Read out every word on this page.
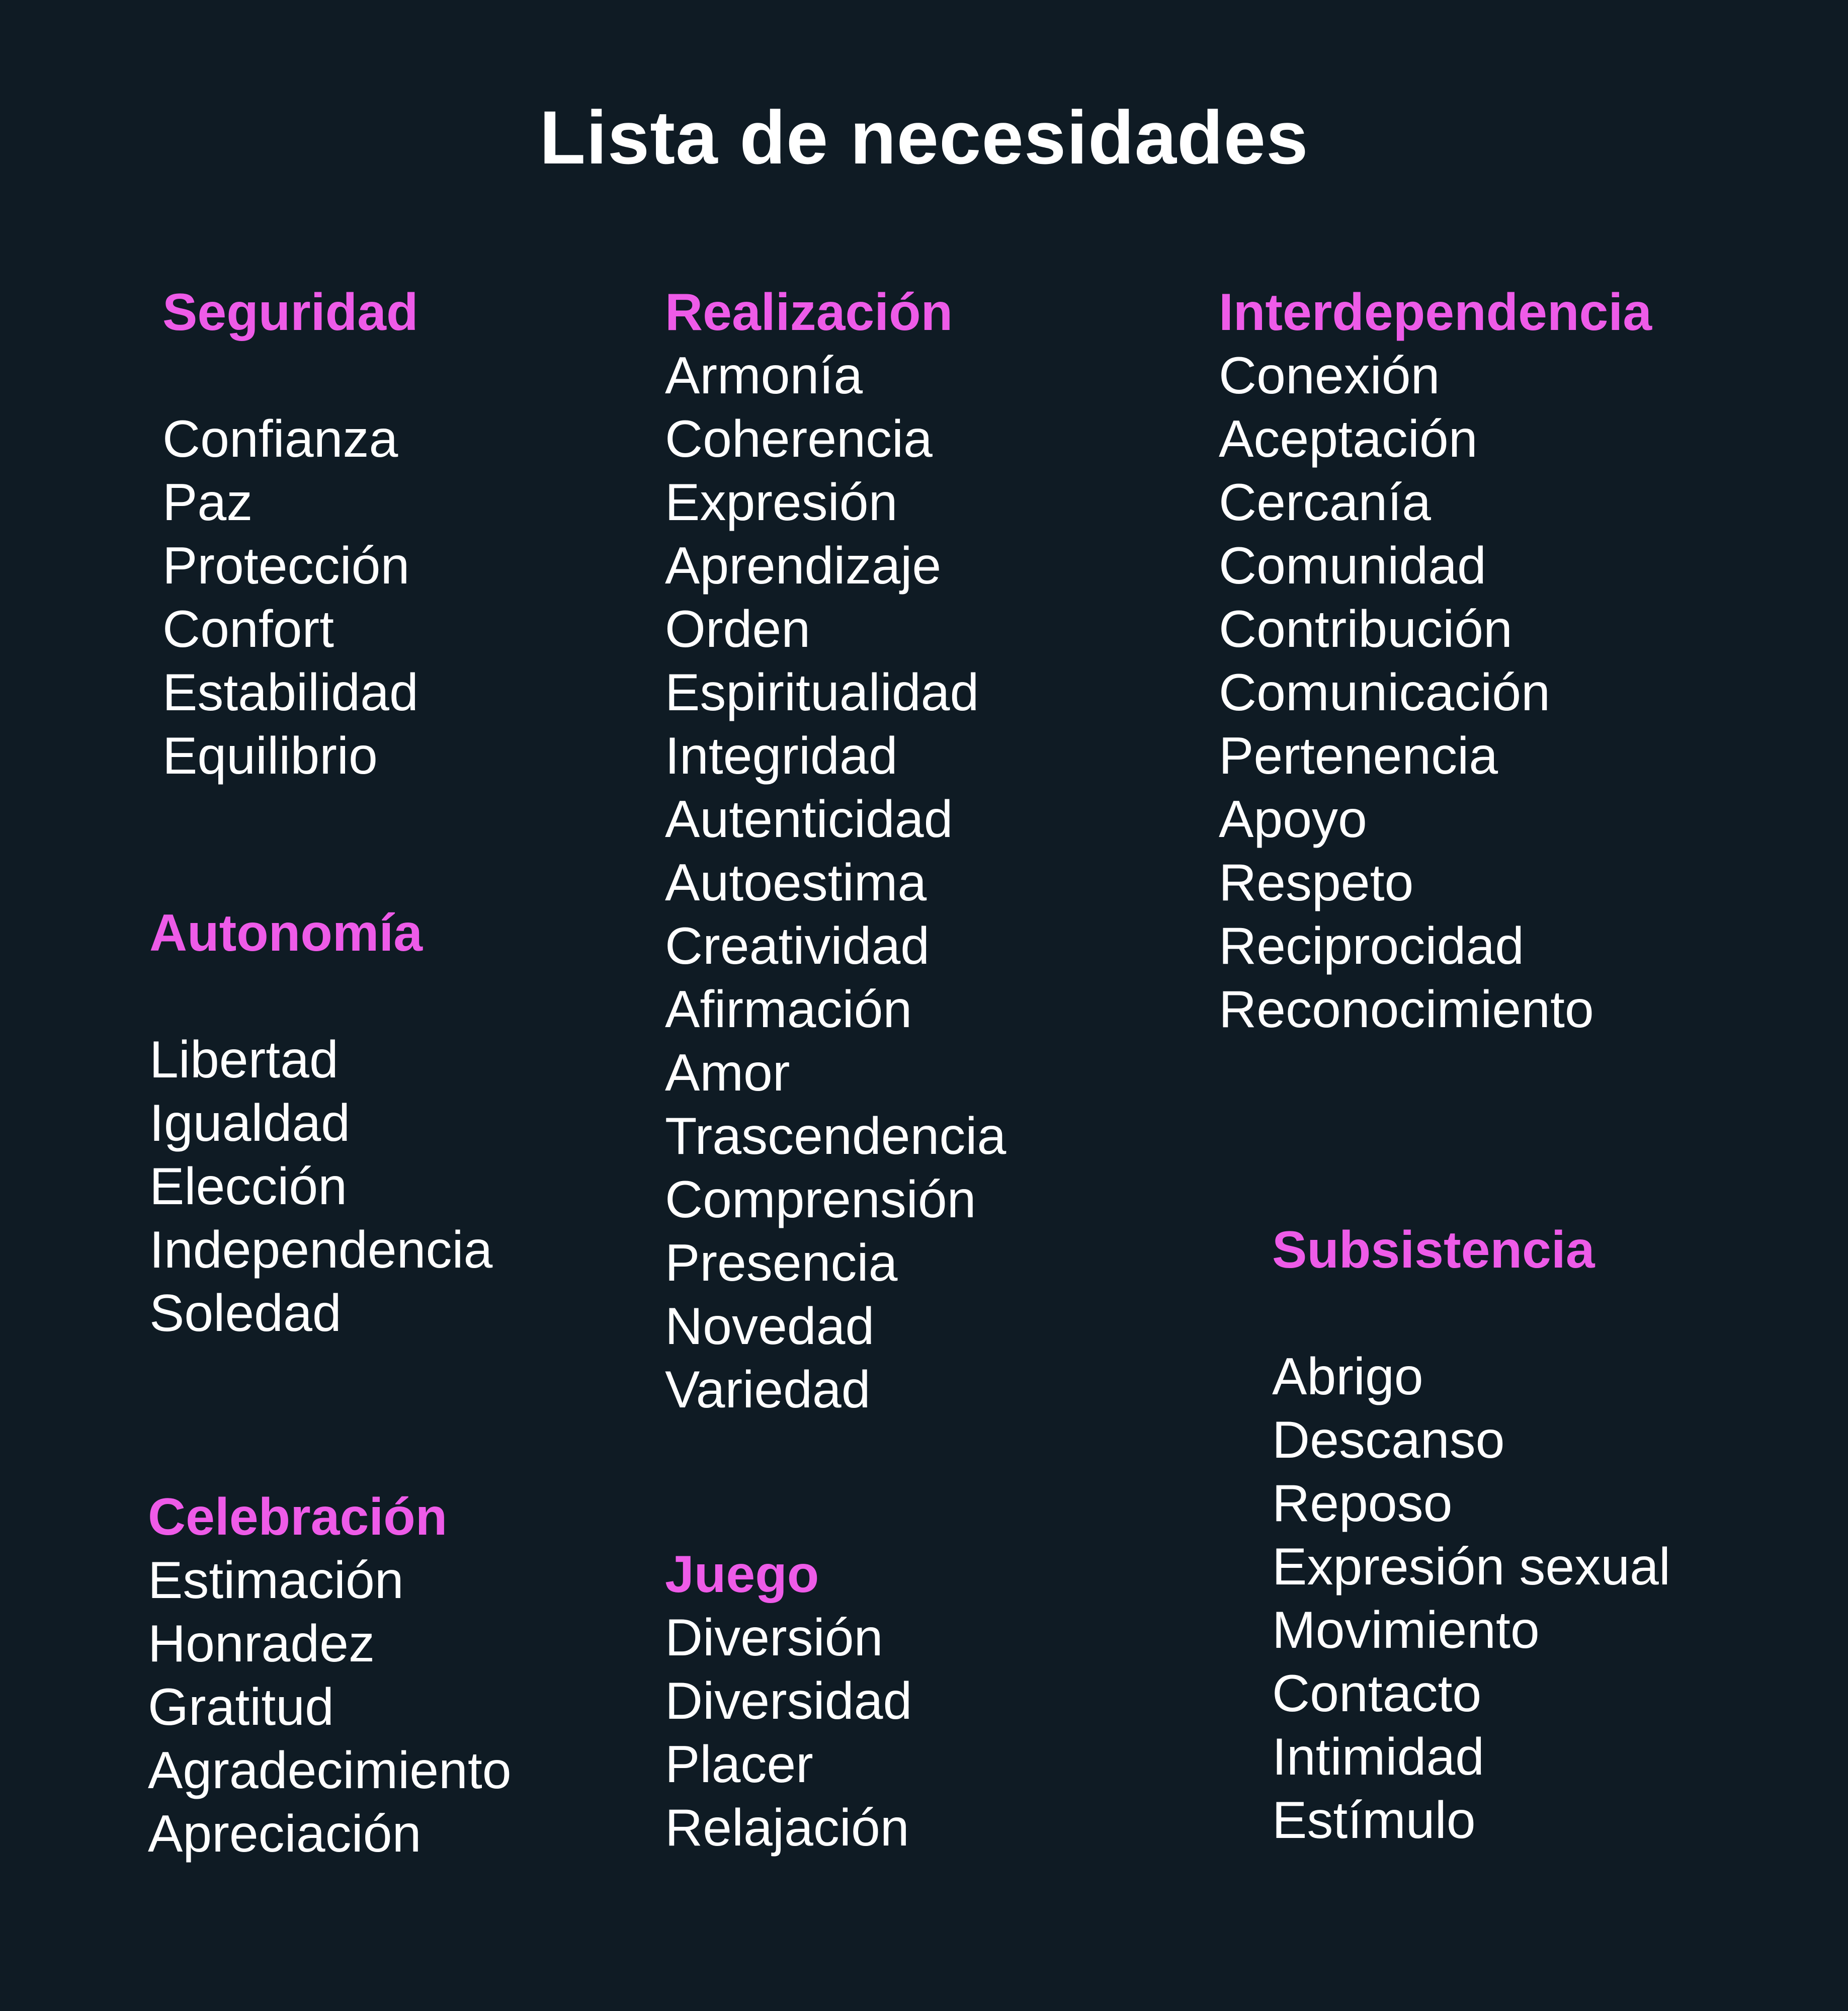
Lista de necesidades
Seguridad
Confianza
Paz
Protección
Confort
Estabilidad
Equilibrio
Autonomía
Libertad
Igualdad
Elección
Independencia
Soledad
Celebración
Estimación
Honradez
Gratitud
Agradecimiento
Apreciación
Realización
Armonía
Coherencia
Expresión
Aprendizaje
Orden
Espiritualidad
Integridad
Autenticidad
Autoestima
Creatividad
Afirmación
Amor
Trascendencia
Comprensión
Presencia
Novedad
Variedad
Juego
Diversión
Diversidad
Placer
Relajación
Interdependencia
Conexión
Aceptación
Cercanía
Comunidad
Contribución
Comunicación
Pertenencia
Apoyo
Respeto
Reciprocidad
Reconocimiento
Subsistencia
Abrigo
Descanso
Reposo
Expresión sexual
Movimiento
Contacto
Intimidad
Estímulo
